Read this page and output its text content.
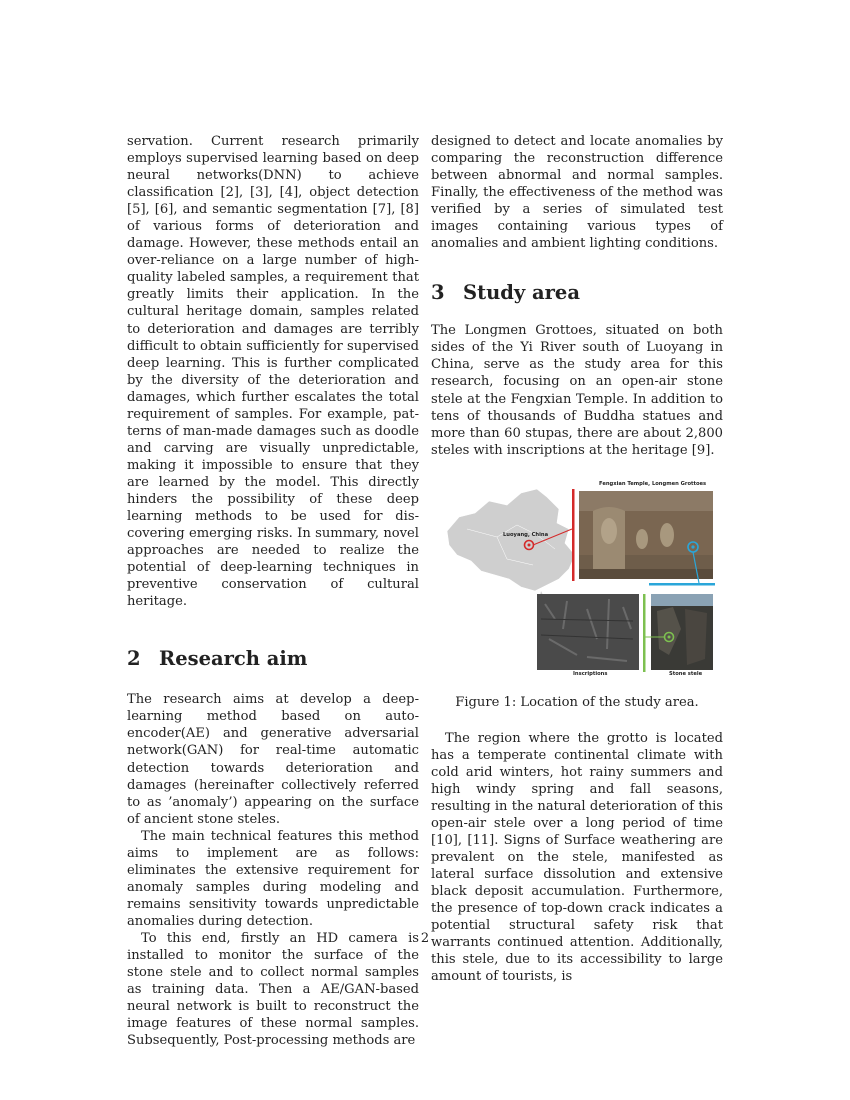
servation. Current research primarily employs supervised learning based on deep neural networks(DNN) to achieve classification [2], [3], [4], object detection [5], [6], and semantic segmentation [7], [8] of various forms of deterioration and damage. However, these methods entail an over-reliance on a large number of high-quality labeled samples, a requirement that greatly limits their application. In the cultural heritage domain, samples related to deterioration and damages are terribly difficult to obtain sufficiently for supervised deep learning. This is further complicated by the diversity of the deterioration and damages, which further escalates the total requirement of samples. For example, patterns of man-made damages such as doodle and carving are visually unpredictable, making it impossible to ensure that they are learned by the model. This directly hinders the possibility of these deep learning methods to be used for discovering emerging risks. In summary, novel approaches are needed to realize the potential of deep-learning techniques in preventive conservation of cultural heritage.

2 Research aim

The research aims at develop a deep-learning method based on auto-encoder(AE) and generative adversarial network(GAN) for real-time automatic detection towards deterioration and damages (hereinafter collectively referred to as ’anomaly’) appearing on the surface of ancient stone steles.

The main technical features this method aims to implement are as follows: eliminates the extensive requirement for anomaly samples during modeling and remains sensitivity towards unpredictable anomalies during detection.

To this end, firstly an HD camera is installed to monitor the surface of the stone stele and to collect normal samples as training data. Then a AE/GAN-based neural network is built to reconstruct the image features of these normal samples. Subsequently, Post-processing methods are

designed to detect and locate anomalies by comparing the reconstruction difference between abnormal and normal samples. Finally, the effectiveness of the method was verified by a series of simulated test images containing various types of anomalies and ambient lighting conditions.

3 Study area

The Longmen Grottoes, situated on both sides of the Yi River south of Luoyang in China, serve as the study area for this research, focusing on an open-air stone stele at the Fengxian Temple. In addition to tens of thousands of Buddha statues and more than 60 stupas, there are about 2,800 steles with inscriptions at the heritage [9].

Luoyang, China
Fengxian Temple, Longmen Grottoes
Inscriptions	Stone stele

Figure 1: Location of the study area.

The region where the grotto is located has a temperate continental climate with cold arid winters, hot rainy summers and high windy spring and fall seasons, resulting in the natural deterioration of this open-air stele over a long period of time [10], [11]. Signs of Surface weathering are prevalent on the stele, manifested as lateral surface dissolution and extensive black deposit accumulation. Furthermore, the presence of top-down crack indicates a potential structural safety risk that warrants continued attention. Additionally, this stele, due to its accessibility to large amount of tourists, is

2
